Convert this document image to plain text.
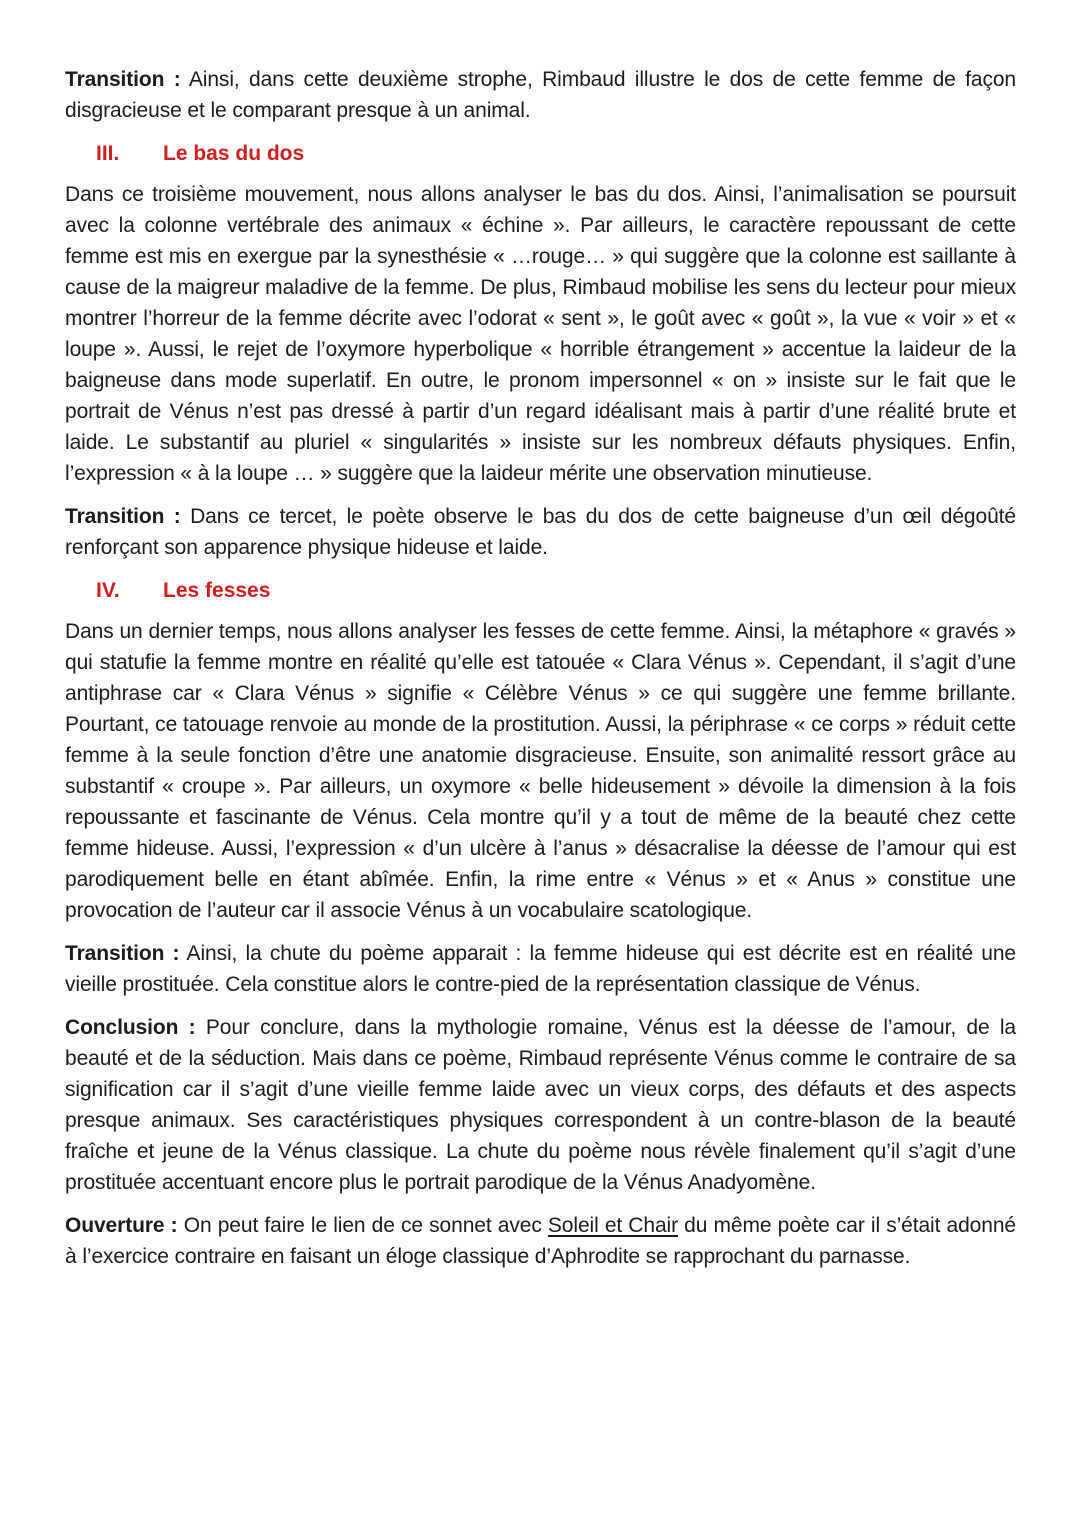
Transition : Ainsi, dans cette deuxième strophe, Rimbaud illustre le dos de cette femme de façon disgracieuse et le comparant presque à un animal.

III.	Le bas du dos

Dans ce troisième mouvement, nous allons analyser le bas du dos. Ainsi, l’animalisation se poursuit avec la colonne vertébrale des animaux « échine ». Par ailleurs, le caractère repoussant de cette femme est mis en exergue par la synesthésie « …rouge… » qui suggère que la colonne est saillante à cause de la maigreur maladive de la femme. De plus, Rimbaud mobilise les sens du lecteur pour mieux montrer l’horreur de la femme décrite avec l’odorat « sent », le goût avec « goût », la vue « voir » et « loupe ». Aussi, le rejet de l’oxymore hyperbolique « horrible étrangement » accentue la laideur de la baigneuse dans mode superlatif. En outre, le pronom impersonnel « on » insiste sur le fait que le portrait de Vénus n’est pas dressé à partir d’un regard idéalisant mais à partir d’une réalité brute et laide. Le substantif au pluriel « singularités » insiste sur les nombreux défauts physiques. Enfin, l’expression « à la loupe … » suggère que la laideur mérite une observation minutieuse.

Transition : Dans ce tercet, le poète observe le bas du dos de cette baigneuse d’un œil dégoûté renforçant son apparence physique hideuse et laide.

IV.	Les fesses

Dans un dernier temps, nous allons analyser les fesses de cette femme. Ainsi, la métaphore « gravés » qui statufie la femme montre en réalité qu’elle est tatouée « Clara Vénus ». Cependant, il s’agit d’une antiphrase car « Clara Vénus » signifie « Célèbre Vénus » ce qui suggère une femme brillante. Pourtant, ce tatouage renvoie au monde de la prostitution. Aussi, la périphrase « ce corps » réduit cette femme à la seule fonction d’être une anatomie disgracieuse. Ensuite, son animalité ressort grâce au substantif « croupe ». Par ailleurs, un oxymore « belle hideusement » dévoile la dimension à la fois repoussante et fascinante de Vénus. Cela montre qu’il y a tout de même de la beauté chez cette femme hideuse. Aussi, l’expression « d’un ulcère à l’anus » désacralise la déesse de l’amour qui est parodiquement belle en étant abîmée. Enfin, la rime entre « Vénus » et « Anus » constitue une provocation de l’auteur car il associe Vénus à un vocabulaire scatologique.

Transition : Ainsi, la chute du poème apparait : la femme hideuse qui est décrite est en réalité une vieille prostituée. Cela constitue alors le contre-pied de la représentation classique de Vénus.

Conclusion : Pour conclure, dans la mythologie romaine, Vénus est la déesse de l’amour, de la beauté et de la séduction. Mais dans ce poème, Rimbaud représente Vénus comme le contraire de sa signification car il s’agit d’une vieille femme laide avec un vieux corps, des défauts et des aspects presque animaux. Ses caractéristiques physiques correspondent à un contre-blason de la beauté fraîche et jeune de la Vénus classique. La chute du poème nous révèle finalement qu’il s’agit d’une prostituée accentuant encore plus le portrait parodique de la Vénus Anadyomène.

Ouverture : On peut faire le lien de ce sonnet avec Soleil et Chair du même poète car il s’était adonné à l’exercice contraire en faisant un éloge classique d’Aphrodite se rapprochant du parnasse.
